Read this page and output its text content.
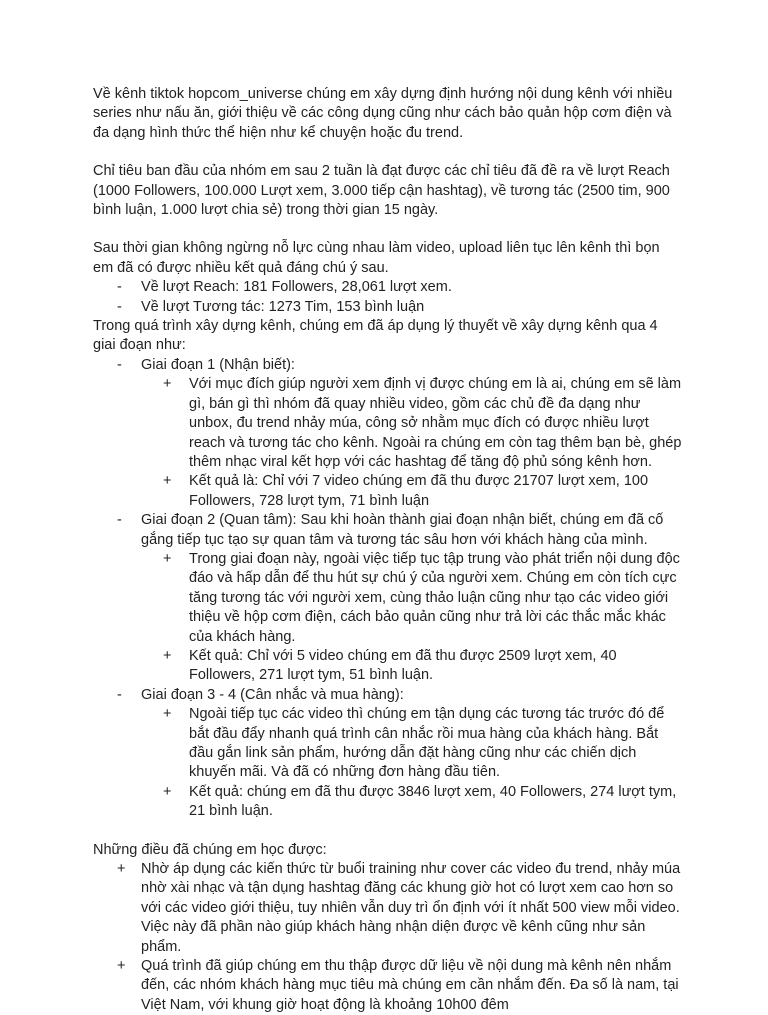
Về kênh tiktok hopcom_universe chúng em xây dựng định hướng nội dung kênh với nhiều series như nấu ăn, giới thiệu về các công dụng cũng như cách bảo quản hộp cơm điện và đa dạng hình thức thể hiện như kể chuyện hoặc đu trend.

Chỉ tiêu ban đầu của nhóm em sau 2 tuần là đạt được các chỉ tiêu đã đề ra về lượt Reach (1000 Followers, 100.000 Lượt xem, 3.000 tiếp cận hashtag), về tương tác (2500 tim, 900 bình luận, 1.000 lượt chia sẻ) trong thời gian 15 ngày.

Sau thời gian không ngừng nỗ lực cùng nhau làm video, upload liên tục lên kênh thì bọn em đã có được nhiều kết quả đáng chú ý sau.

- Về lượt Reach: 181 Followers, 28,061 lượt xem.
- Về lượt Tương tác: 1273 Tim, 153 bình luận

Trong quá trình xây dựng kênh, chúng em đã áp dụng lý thuyết về xây dựng kênh qua 4 giai đoạn như:

- Giai đoạn 1 (Nhận biết):
+ Với mục đích giúp người xem định vị được chúng em là ai, chúng em sẽ làm gì, bán gì thì nhóm đã quay nhiều video, gồm các chủ đề đa dạng như unbox, đu trend nhảy múa, công sở nhằm mục đích có được nhiều lượt reach và tương tác cho kênh. Ngoài ra chúng em còn tag thêm bạn bè, ghép thêm nhạc viral kết hợp với các hashtag để tăng độ phủ sóng kênh hơn.
+ Kết quả là: Chỉ với 7 video chúng em đã thu được 21707 lượt xem, 100 Followers, 728 lượt tym, 71 bình luận
- Giai đoạn 2 (Quan tâm): Sau khi hoàn thành giai đoạn nhận biết, chúng em đã cố gắng tiếp tục tạo sự quan tâm và tương tác sâu hơn với khách hàng của mình.
+ Trong giai đoạn này, ngoài việc tiếp tục tập trung vào phát triển nội dung độc đáo và hấp dẫn để thu hút sự chú ý của người xem. Chúng em còn tích cực tăng tương tác với người xem, cùng thảo luận cũng như tạo các video giới thiệu về hộp cơm điện, cách bảo quản cũng như trả lời các thắc mắc khác của khách hàng.
+ Kết quả: Chỉ với 5 video chúng em đã thu được 2509 lượt xem, 40 Followers, 271 lượt tym, 51 bình luận.
- Giai đoạn 3 - 4 (Cân nhắc và mua hàng):
+ Ngoài tiếp tục các video thì chúng em tận dụng các tương tác trước đó để bắt đầu đẩy nhanh quá trình cân nhắc rồi mua hàng của khách hàng. Bắt đầu gắn link sản phẩm, hướng dẫn đặt hàng cũng như các chiến dịch khuyến mãi. Và đã có những đơn hàng đầu tiên.
+ Kết quả: chúng em đã thu được 3846 lượt xem, 40 Followers, 274 lượt tym, 21 bình luận.

Những điều đã chúng em học được:

+ Nhờ áp dụng các kiến thức từ buổi training như cover các video đu trend, nhảy múa nhờ xài nhạc và tận dụng hashtag đăng các khung giờ hot có lượt xem cao hơn so với các video giới thiệu, tuy nhiên vẫn duy trì ổn định với ít nhất 500 view mỗi video. Việc này đã phần nào giúp khách hàng nhận diện được về kênh cũng như sản phẩm.
+ Quá trình đã giúp chúng em thu thập được dữ liệu về nội dung mà kênh nên nhắm đến, các nhóm khách hàng mục tiêu mà chúng em cần nhắm đến. Đa số là nam, tại Việt Nam, với khung giờ hoạt động là khoảng 10h00 đêm
